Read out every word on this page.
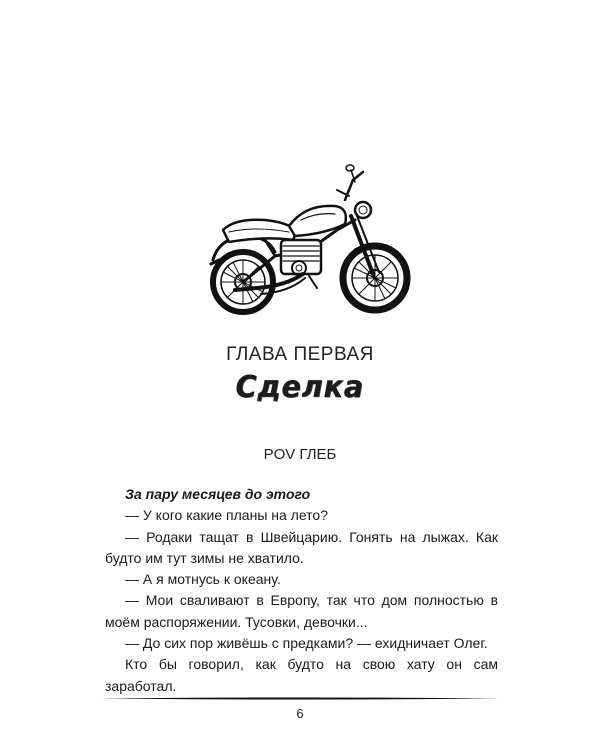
ГЛАВА ПЕРВАЯ
Сделка
POV ГЛЕБ

За пару месяцев до этого

— У кого какие планы на лето?

— Родаки тащат в Швейцарию. Гонять на лыжах. Как будто им тут зимы не хватило.

— А я мотнусь к океану.

— Мои сваливают в Европу, так что дом полностью в моём распоряжении. Тусовки, девочки...

— До сих пор живёшь с предками? — ехидничает Олег.

Кто бы говорил, как будто на свою хату он сам заработал.

6
